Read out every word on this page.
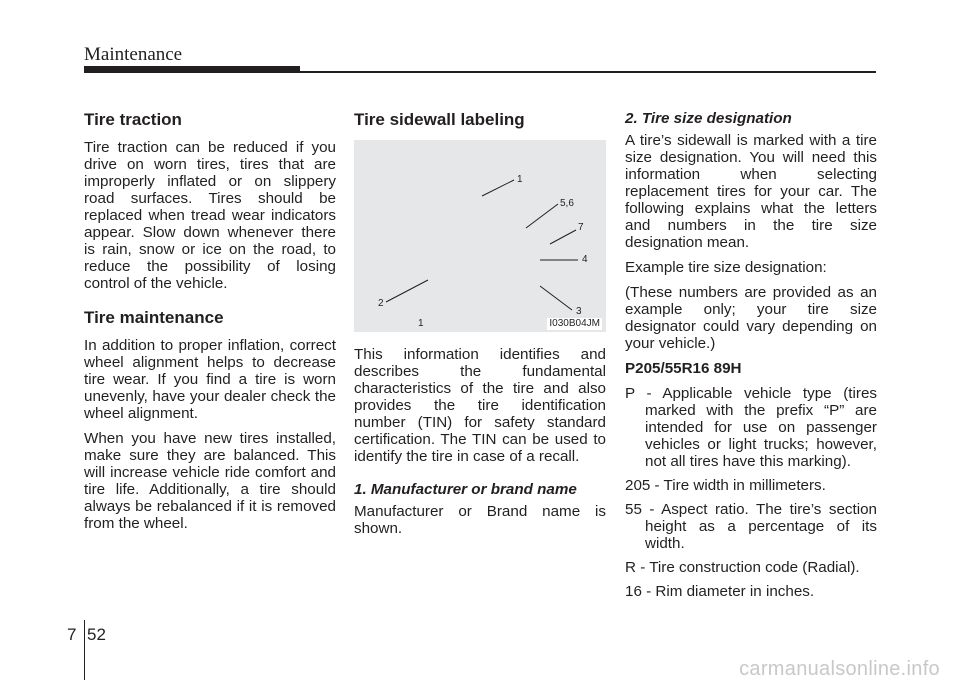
Maintenance
Tire traction

Tire traction can be reduced if you drive on worn tires, tires that are improperly inflated or on slippery road surfaces. Tires should be replaced when tread wear indicators appear. Slow down whenever there is rain, snow or ice on the road, to reduce the possibility of losing control of the vehicle.

Tire maintenance

In addition to proper inflation, correct wheel alignment helps to decrease tire wear. If you find a tire is worn unevenly, have your dealer check the wheel alignment.

When you have new tires installed, make sure they are balanced. This will increase vehicle ride comfort and tire life. Additionally, a tire should always be rebalanced if it is removed from the wheel.

Tire sidewall labeling
1
5,6
7
4
2
3
1	I030B04JM

This information identifies and describes the fundamental characteristics of the tire and also provides the tire identification number (TIN) for safety standard certification. The TIN can be used to identify the tire in case of a recall.

1. Manufacturer or brand name

Manufacturer or Brand name is shown.

2. Tire size designation

A tire’s sidewall is marked with a tire size designation. You will need this information when selecting replacement tires for your car. The following explains what the letters and numbers in the tire size designation mean.

Example tire size designation:

(These numbers are provided as an example only; your tire size designator could vary depending on your vehicle.)

P205/55R16 89H

P - Applicable vehicle type (tires marked with the prefix “P” are intended for use on passenger vehicles or light trucks; however, not all tires have this marking).
205 - Tire width in millimeters.
55 - Aspect ratio. The tire’s section height as a percentage of its width.
R - Tire construction code (Radial).
16 - Rim diameter in inches.
7 52
carmanualsonline.info
